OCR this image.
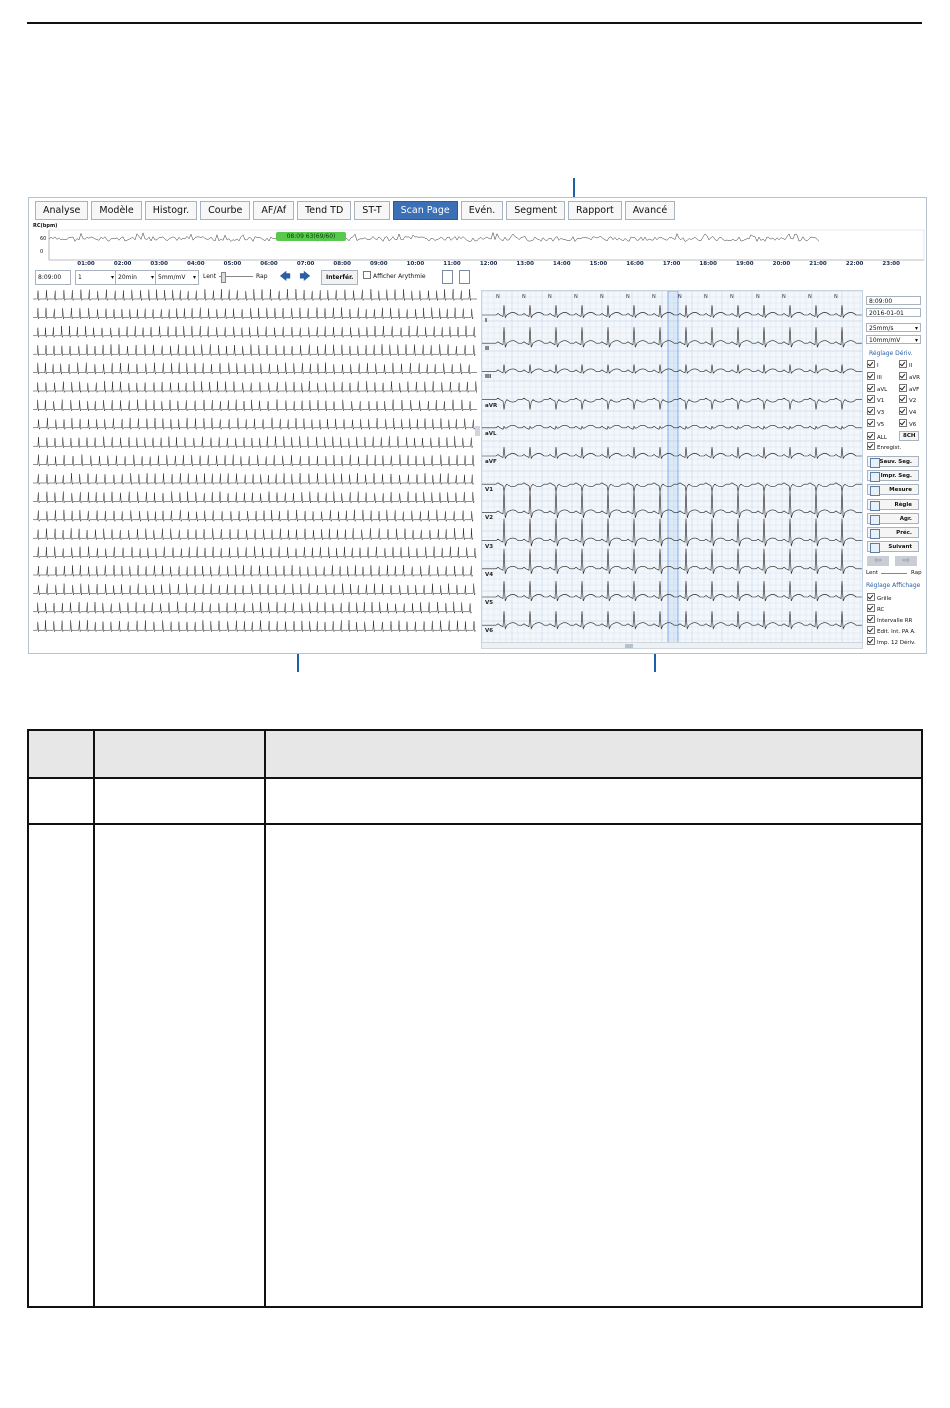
Analyse	Modèle	Histogr.	Courbe	AF/Af	Tend TD	ST-T	Scan Page	Evén.	Segment	Rapport	Avancé
RC(bpm)
60
0
08:09 63(69/60)
01:00	02:00	03:00	04:00	05:00	06:00	07:00	08:00	09:00	10:00	11:00	12:00	13:00	14:00	15:00	16:00	17:00	18:00	19:00	20:00	21:00	22:00	23:00
8:09:00	1	▾ 20min ▾ 5mm/mV ▾ Lent	Rap 🡄 🡆	Interfér.	Afficher Arythmie
N	N	N	N	N	N	N	N	N	N	N	N	N	N
I
II
III
aVR
aVL
aVF
V1
V2
V3
V4
V5
V6
8:09:00
2016-01-01
25mm/s	▾
10mm/mV ▾
Réglage Dériv.
I	II
III	aVR
aVL	aVF
V1	V2
V3	V4
V5	V6
ALL	8CH
Enregist.
Sauv. Seg.
Impr. Seg.
Mesure
Règle
Agr.
Préc.
Suivant
⇦	⇨
Lent	Rap
Réglage Affichage
Grille
RC
Intervalle RR
Edit. Int. PA A.
Imp. 12 Dériv.
